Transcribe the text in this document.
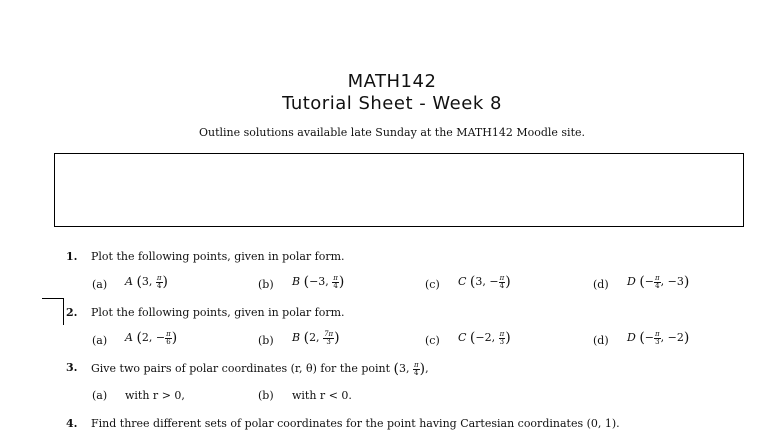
MATH142
Tutorial Sheet - Week 8
Outline solutions available late Sunday at the MATH142 Moodle site.
1. Plot the following points, given in polar form.
(a) A (3, $\frac{\pi}{4}$ )	(b) B (−3, $\frac{\pi}{4}$ )	(c) C (3, − $\frac{\pi}{4}$ )	(d) D (− $\frac{\pi}{4}$ , −3)
2. Plot the following points, given in polar form.
(a) A (2, − $\frac{\pi}{6}$ )	(b) B (2, $\frac{7\pi}{3}$ )	(c) C (−2, $\frac{\pi}{3}$ )	(d) D (− $\frac{\pi}{3}$ , −2)
3. Give two pairs of polar coordinates (r, θ) for the point (3, $\frac{\pi}{4}$ ),
(a) with r > 0,	(b) with r < 0.
4. Find three different sets of polar coordinates for the point having Cartesian coordinates (0, 1).
